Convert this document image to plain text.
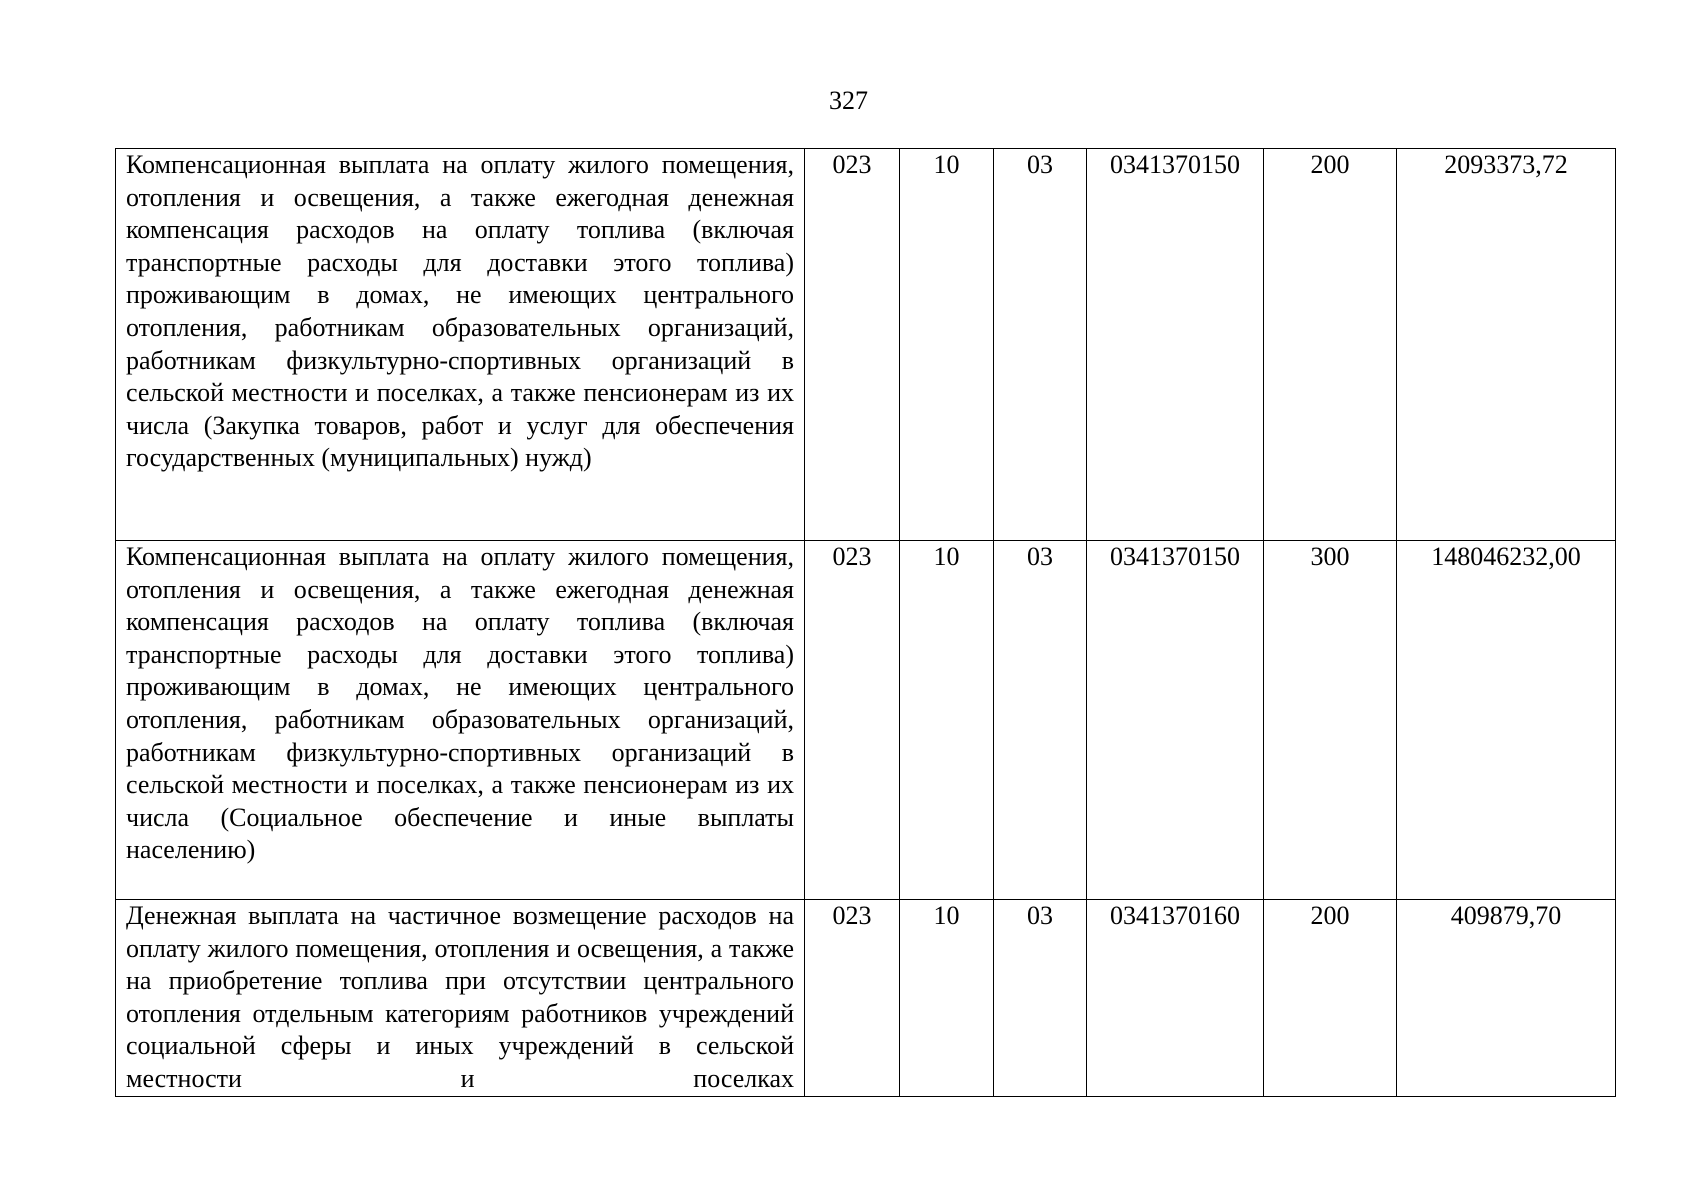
327
Компенсационная выплата на оплату жилого помещения, отопления и освещения, а также ежегодная денежная компенсация расходов на оплату топлива (включая транспортные расходы для доставки этого топлива) проживающим в домах, не имеющих центрального отопления, работникам образовательных организаций, работникам физкультурно-спортивных организаций в сельской местности и поселках, а также пенсионерам из их числа (Закупка товаров, работ и услуг для обеспечения государственных (муниципальных) нужд)	023	10	03	0341370150	200	2093373,72
Компенсационная выплата на оплату жилого помещения, отопления и освещения, а также ежегодная денежная компенсация расходов на оплату топлива (включая транспортные расходы для доставки этого топлива) проживающим в домах, не имеющих центрального отопления, работникам образовательных организаций, работникам физкультурно-спортивных организаций в сельской местности и поселках, а также пенсионерам из их числа (Социальное обеспечение и иные выплаты населению)	023	10	03	0341370150	300	148046232,00
Денежная выплата на частичное возмещение расходов на оплату жилого помещения, отопления и освещения, а также на приобретение топлива при отсутствии центрального отопления отдельным категориям работников учреждений социальной сферы и иных учреждений в сельской местности и поселках	023	10	03	0341370160	200	409879,70
